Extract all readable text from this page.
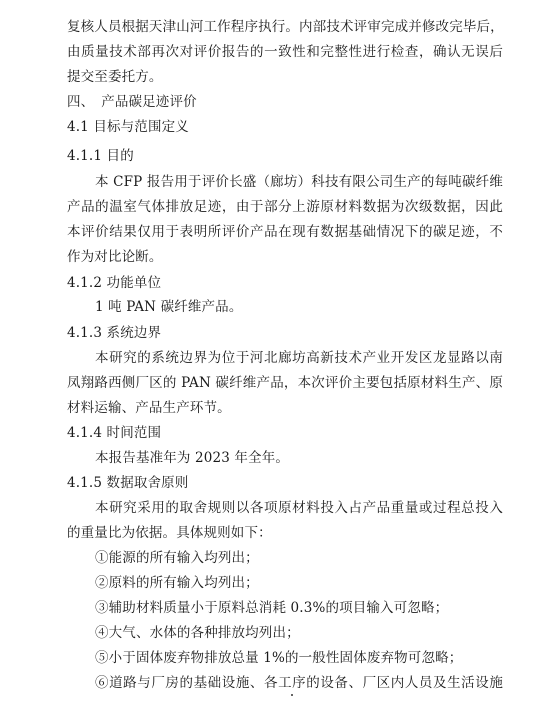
复核人员根据天津山河工作程序执行。内部技术评审完成并修改完毕后，
由质量技术部再次对评价报告的一致性和完整性进行检查，确认无误后
提交至委托方。
四、　产品碳足迹评价
4.1 目标与范围定义
4.1.1 目的
本 CFP 报告用于评价长盛（廊坊）科技有限公司生产的每吨碳纤维
产品的温室气体排放足迹，由于部分上游原材料数据为次级数据，因此
本评价结果仅用于表明所评价产品在现有数据基础情况下的碳足迹，不
作为对比论断。
4.1.2 功能单位
1 吨 PAN 碳纤维产品。
4.1.3 系统边界
本研究的系统边界为位于河北廊坊高新技术产业开发区龙显路以南
凤翔路西侧厂区的 PAN 碳纤维产品，本次评价主要包括原材料生产、原
材料运输、产品生产环节。
4.1.4 时间范围
本报告基准年为 2023 年全年。
4.1.5 数据取舍原则
本研究采用的取舍规则以各项原材料投入占产品重量或过程总投入
的重量比为依据。具体规则如下：
①能源的所有输入均列出；
②原料的所有输入均列出；
③辅助材料质量小于原料总消耗 0.3%的项目输入可忽略；
④大气、水体的各种排放均列出；
⑤小于固体废弃物排放总量 1%的一般性固体废弃物可忽略；
⑥道路与厂房的基础设施、各工序的设备、厂区内人员及生活设施
